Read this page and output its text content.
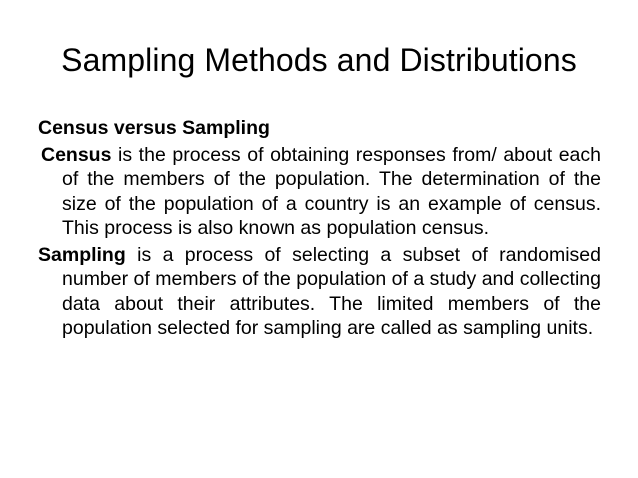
Sampling Methods and Distributions

Census versus Sampling

Census is the process of obtaining responses from/ about each of the members of the population. The determination of the size of the population of a country is an example of census. This process is also known as population census.

Sampling is a process of selecting a subset of randomised number of members of the population of a study and collecting data about their attributes. The limited members of the population selected for sampling are called as sampling units.
